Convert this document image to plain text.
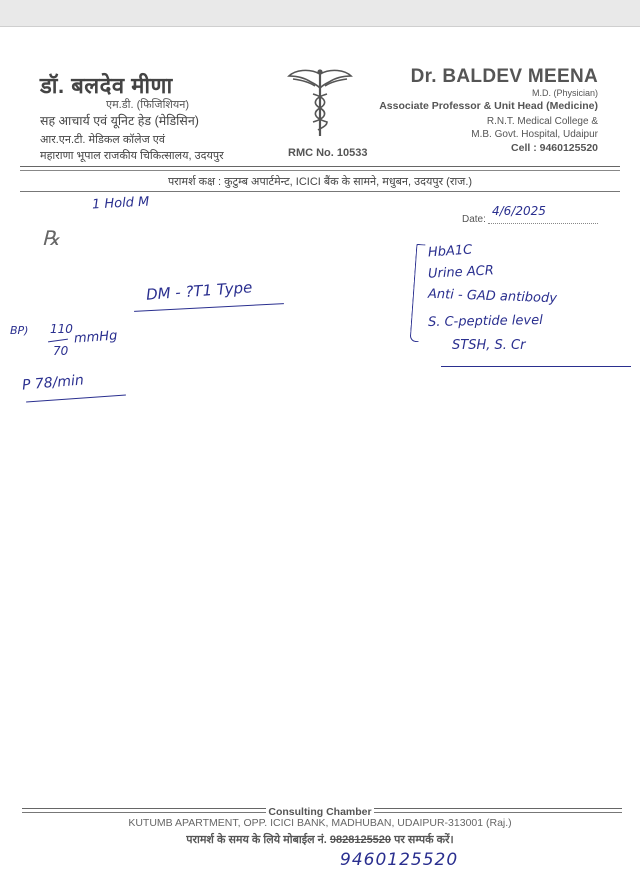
डॉ. बलदेव मीणा
एम.डी. (फिजिशियन)
सह आचार्य एवं यूनिट हेड (मेडिसिन)
आर.एन.टी. मेडिकल कॉलेज एवं
महाराणा भूपाल राजकीय चिकित्सालय, उदयपुर	RMC No. 10533
Dr. BALDEV MEENA
M.D. (Physician)
Associate Professor & Unit Head (Medicine)
R.N.T. Medical College &
M.B. Govt. Hospital, Udaipur
Cell : 9460125520
परामर्श कक्ष : कुटुम्ब अपार्टमेन्ट, ICICI बैंक के सामने, मधुबन, उदयपुर (राज.)
Date:
℞
1 Hold M	4/6/2025
DM - ?T1 Type
BP) 110
70
mmHg
P 78/min
HbA1C
Urine ACR
Anti - GAD antibody
S. C-peptide level
STSH, S. Cr
Consulting Chamber
KUTUMB APARTMENT, OPP. ICICI BANK, MADHUBAN, UDAIPUR-313001 (Raj.)
परामर्श के समय के लिये मोबाईल नं. 9828125520 पर सम्पर्क करें।
9460125520
